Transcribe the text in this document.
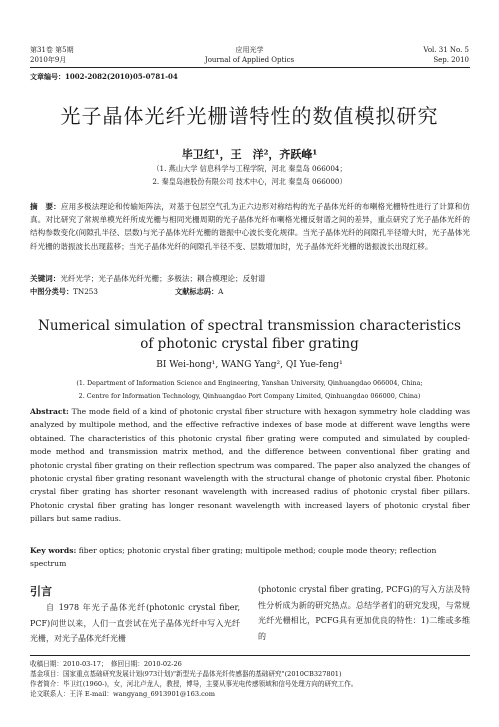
第31卷 第5期
2010年9月
应用光学
Journal of Applied Optics
Vol. 31 No. 5
Sep. 2010
文章编号：1002-2082(2010)05-0781-04
光子晶体光纤光栅谱特性的数值模拟研究
毕卫红¹，王　洋²，齐跃峰¹
（1. 燕山大学 信息科学与工程学院，河北 秦皇岛 066004；
2. 秦皇岛港股份有限公司 技术中心，河北 秦皇岛 066000）
摘　要：应用多极法理论和传输矩阵法，对基于包层空气孔为正六边形对称结构的光子晶体光纤的布喇格光栅特性进行了计算和仿真。对比研究了常规单模光纤所成光栅与相同光栅周期的光子晶体光纤布喇格光栅反射谱之间的差异，重点研究了光子晶体光纤的结构参数变化(间隙孔半径、层数)与光子晶体光纤光栅的谐振中心波长变化规律。当光子晶体光纤的间隙孔半径增大时，光子晶体光纤光栅的谐振波长出现蓝移；当光子晶体光纤的间隙孔半径不变、层数增加时，光子晶体光纤光栅的谐振波长出现红移。
关键词：光纤光学；光子晶体光纤光栅；多极法；耦合模理论；反射谱
中图分类号：TN253	文献标志码：A
Numerical simulation of spectral transmission characteristics
of photonic crystal fiber grating
BI Wei-hong¹, WANG Yang², QI Yue-feng¹
(1. Department of Information Science and Engineering, Yanshan University, Qinhuangdao 066004, China;
2. Centre for Information Technology, Qinhuangdao Port Company Limited, Qinhuangdao 066000, China)
Abstract: The mode field of a kind of photonic crystal fiber structure with hexagon symmetry hole cladding was analyzed by multipole method, and the effective refractive indexes of base mode at different wave lengths were obtained. The characteristics of this photonic crystal fiber grating were computed and simulated by coupled-mode method and transmission matrix method, and the difference between conventional fiber grating and photonic crystal fiber grating on their reflection spectrum was compared. The paper also analyzed the changes of photonic crystal fiber grating resonant wavelength with the structural change of photonic crystal fiber. Photonic crystal fiber grating has shorter resonant wavelength with increased radius of photonic crystal fiber pillars. Photonic crystal fiber grating has longer resonant wavelength with increased layers of photonic crystal fiber pillars but same radius.
Key words: fiber optics; photonic crystal fiber grating; multipole method; couple mode theory; reflection spectrum
引言
自 1978 年光子晶体光纤(photonic crystal fiber, PCF)问世以来，人们一直尝试在光子晶体光纤中写入光纤光栅，对光子晶体光纤光栅
(photonic crystal fiber grating, PCFG)的写入方法及特性分析成为新的研究热点。总结学者们的研究发现，与常规光纤光栅相比，PCFG具有更加优良的特性：1)二维或多维的
收稿日期：2010-03-17；　修回日期：2010-02-26
基金项目：国家重点基础研究发展计划(973计划)"新型光子晶体光纤传感器的基础研究"(2010CB327801)
作者简介：毕卫红(1960-)，女，河北卢龙人，教授，博导，主要从事光电传感领域和信号处理方向的研究工作。
论文联系人：王洋 E-mail：wangyang_6913901@163.com
